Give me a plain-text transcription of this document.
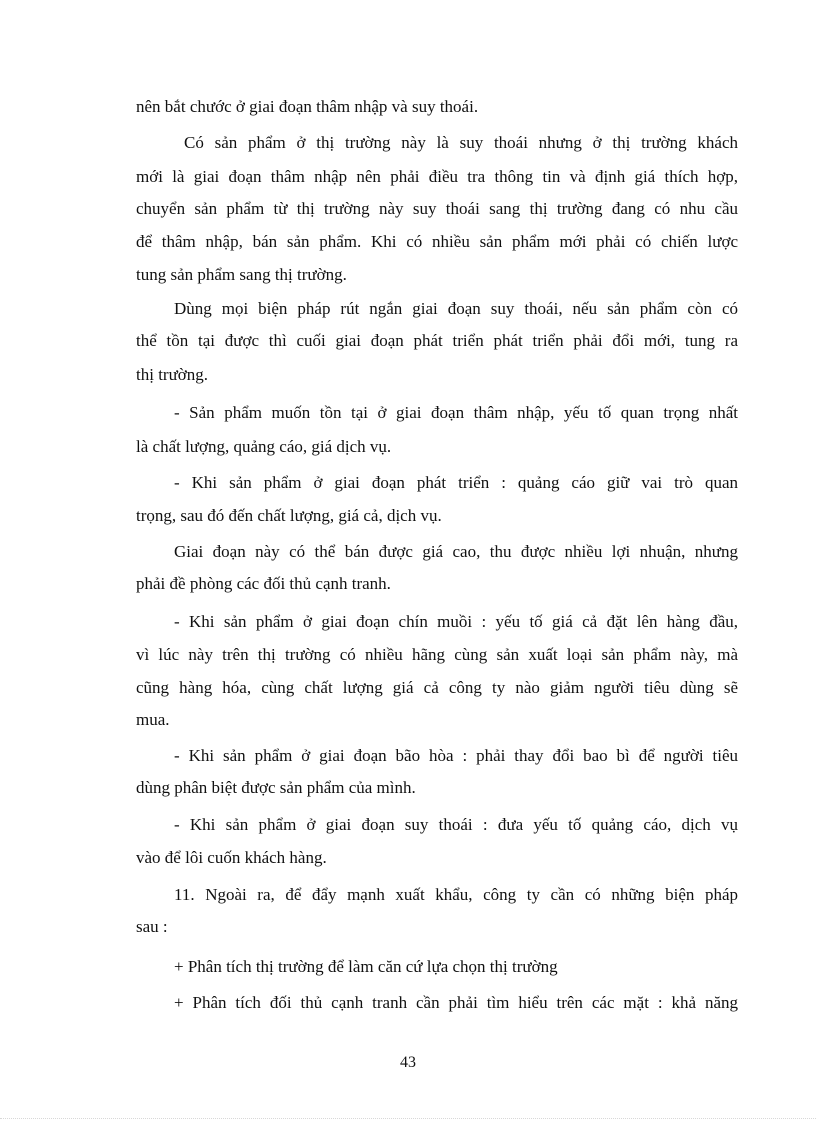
nên bắt chước ở giai đoạn thâm nhập và suy thoái.
Có sản phẩm ở thị trường này là suy thoái nhưng ở thị trường khách
mới là giai đoạn thâm nhập nên phải điều tra thông tin và định giá thích hợp,
chuyển sản phẩm từ thị trường này suy thoái sang thị trường đang có nhu cầu
để thâm nhập, bán sản phẩm. Khi có nhiều sản phẩm mới phải có chiến lược
tung sản phẩm sang thị trường.
Dùng mọi biện pháp rút ngắn giai đoạn suy thoái, nếu sản phẩm còn có
thể tồn tại được thì cuối giai đoạn phát triển phát triển phải đổi mới, tung ra
thị trường.
- Sản phẩm muốn tồn tại ở giai đoạn thâm nhập, yếu tố quan trọng nhất
là chất lượng, quảng cáo, giá dịch vụ.
- Khi sản phẩm ở giai đoạn phát triển : quảng cáo giữ vai trò quan
trọng, sau đó đến chất lượng, giá cả, dịch vụ.
Giai đoạn này có thể bán được giá cao, thu được nhiều lợi nhuận, nhưng
phải đề phòng các đối thủ cạnh tranh.
- Khi sản phẩm ở giai đoạn chín muồi : yếu tố giá cả đặt lên hàng đầu,
vì lúc này trên thị trường có nhiều hãng cùng sản xuất loại sản phẩm này, mà
cũng hàng hóa, cùng chất lượng giá cả công ty nào giảm người tiêu dùng sẽ
mua.
- Khi sản phẩm ở giai đoạn bão hòa : phải thay đổi bao bì để người tiêu
dùng phân biệt được sản phẩm của mình.
- Khi sản phẩm ở giai đoạn suy thoái : đưa yếu tố quảng cáo, dịch vụ
vào để lôi cuốn khách hàng.
11. Ngoài ra, để đẩy mạnh xuất khẩu, công ty cần có những biện pháp
sau :
+ Phân tích thị trường để làm căn cứ lựa chọn thị trường
+ Phân tích đối thủ cạnh tranh cần phải tìm hiểu trên các mặt : khả năng
43
